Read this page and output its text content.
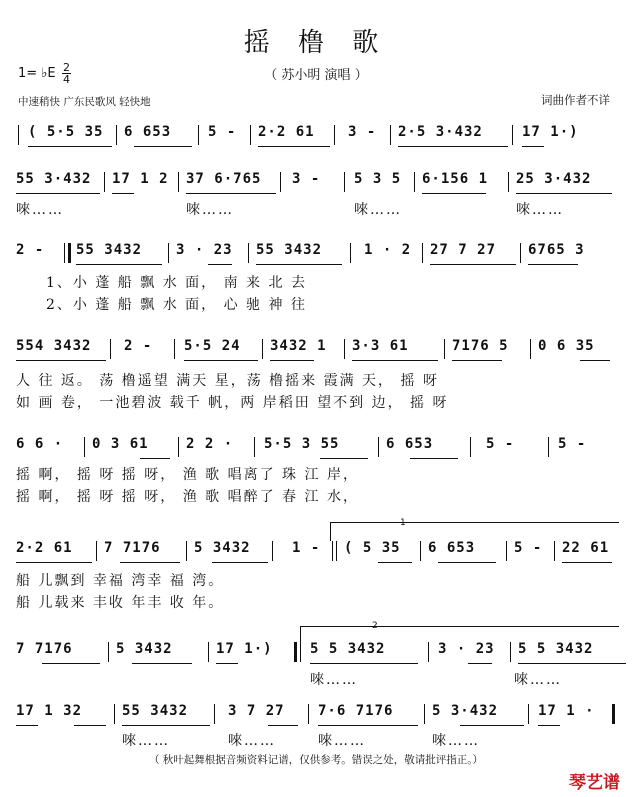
摇 橹 歌
（ 苏小明 演唱 ）
1= ♭E 2
4
中速稍快 广东民歌风 轻快地	词曲作者不详
( 5·5 35 6 653	5 - 2·2 61 3 - 2·5 3·432	17 1·)
55 3·432 17 1 2 37 6·765 3 - 5 3 5 6·156 1 25 3·432
唻……	唻……	唻……	唻……
2 - 55 3432 3 · 23 55 3432	1 · 2 27 7 27 6765 3
1、小 蓬 船 飘 水 面， 南 来 北 去
2、小 蓬 船 飘 水 面， 心 驰 神 往
554 3432 2 - 5·5 24 3432 1 3·3 61	7176 5 0 6 35
人 往 返。 荡 橹遥望 满天 星，荡 橹摇来 霞满 天， 摇 呀
如 画 卷， 一池碧波 载千 帆，两 岸稻田 望不到 边， 摇 呀
6 6 · 0 3 61	2 2 · 5·5 3 55	6 653	5 -	5 -
摇 啊， 摇 呀 摇 呀， 渔 歌 唱离了 珠 江 岸，
摇 啊， 摇 呀 摇 呀， 渔 歌 唱醉了 春 江 水，
1
2·2 61 7 7176 5 3432	1 - ( 5 35 6 653	5 - 22 61
船 儿飘到 幸福 湾幸 福 湾。
船 儿载来 丰收 年丰 收 年。
2
7 7176	5 3432	17 1·)	5 5 3432	3 · 23 5 5 3432
唻……	唻……
17 1 32	55 3432	3 7 27 7·6 7176	5 3·432	17 1 ·
唻……	唻……	唻……	唻……
（ 秋叶起舞根据音频资料记谱，仅供参考。错误之处，敬请批评指正。）
琴艺谱
